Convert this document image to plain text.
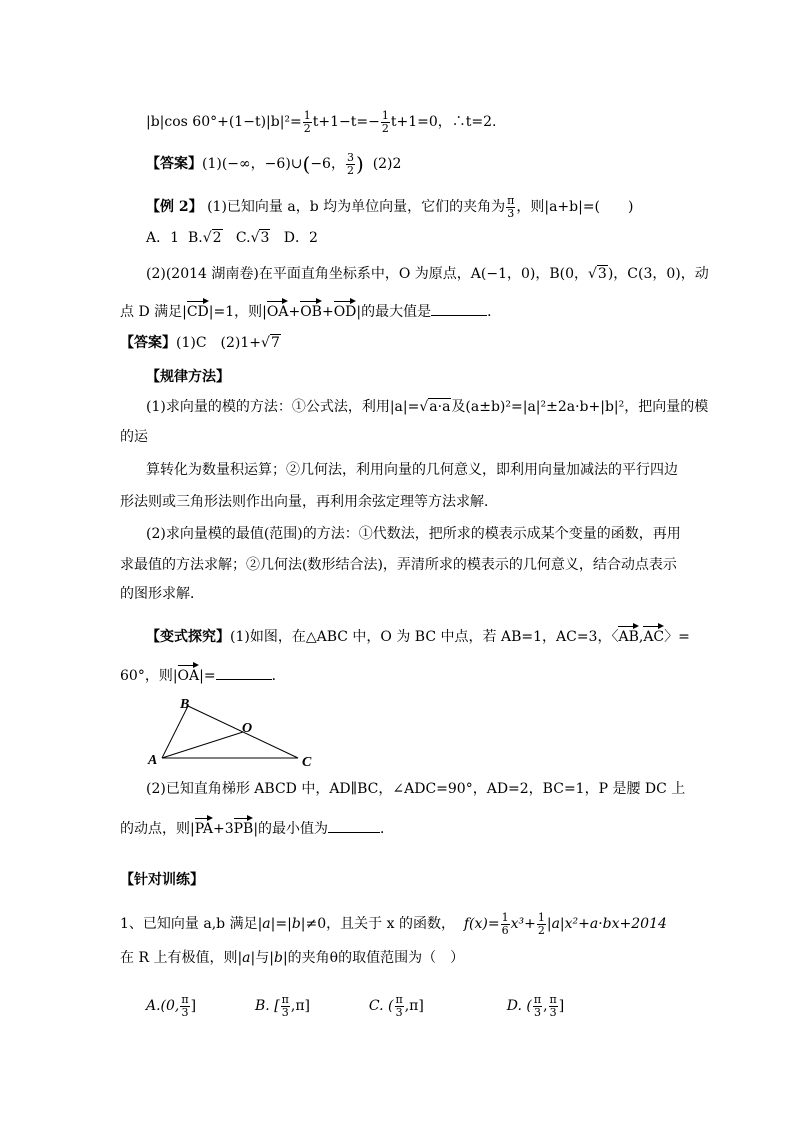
|b|cos $60^\circ+(1-t)|b|^2= \frac{1}{2} t+1-t=- \frac{1}{2} t+1=0$，∴t=2.
【答案】(1)(−∞，−6)∪(−6， $\frac{3}{2}$ ) (2)2
【例 2】 (1)已知向量 a，b 均为单位向量，它们的夹角为 $\frac{\pi}{3}$ ，则|a+b|=(　　)
A．1 B.√2 C.√3 D．2
(2)(2014 湖南卷)在平面直角坐标系中，O 为原点，A(−1，0)，B(0，√3)，C(3，0)，动
点 D 满足|CD|=1，则|OA+OB+OD|的最大值是	．
【答案】(1)C　(2)1+√7
【规律方法】
(1)求向量的模的方法：①公式法，利用|a|=√a·a及(a±b)²=|a|²±2a·b+|b|²，把向量的模
的运
算转化为数量积运算；②几何法，利用向量的几何意义，即利用向量加减法的平行四边
形法则或三角形法则作出向量，再利用余弦定理等方法求解．
(2)求向量模的最值(范围)的方法：①代数法，把所求的模表示成某个变量的函数，再用
求最值的方法求解；②几何法(数形结合法)，弄清所求的模表示的几何意义，结合动点表示
的图形求解．
【变式探究】(1)如图，在△ABC 中，O 为 BC 中点，若 AB=1，AC=3，〈AB,AC〉=
60°，则|OA|=	．
B
A	C
O
(2)已知直角梯形 ABCD 中，AD∥BC，∠ADC=90°，AD=2，BC=1，P 是腰 DC 上
的动点，则|PA+3PB|的最小值为	．
【针对训练】
1、已知向量 a,b 满足|a|=|b|≠0，且关于 x 的函数， $f(x)= \frac{1}{6} x^3+ \frac{1}{2} |a|x^2+a\cdot bx+2014$
在 R 上有极值，则|a|与|b|的夹角θ的取值范围为（　）
A.(0, $\frac{\pi}{3}$ ]	B. [ $\frac{\pi}{3} ,\pi$]	C. ( $\frac{\pi}{3} ,\pi$]	D. ( $\frac{\pi}{3}$ , $\frac{\pi}{3}$ ]
